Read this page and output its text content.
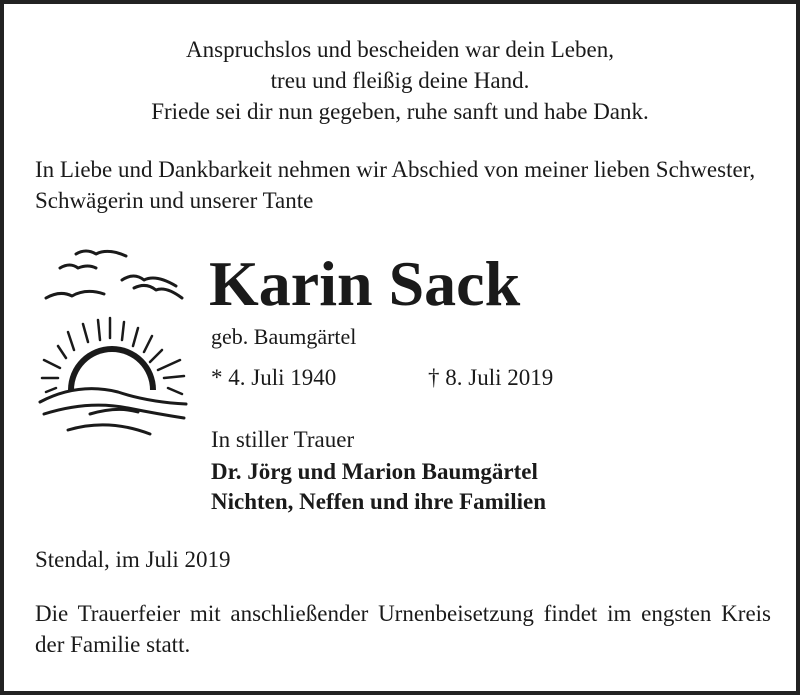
Anspruchslos und bescheiden war dein Leben,
treu und fleißig deine Hand.
Friede sei dir nun gegeben, ruhe sanft und habe Dank.
In Liebe und Dankbarkeit nehmen wir Abschied von meiner lieben Schwester, Schwägerin und unserer Tante
Karin Sack
geb. Baumgärtel
* 4. Juli 1940	† 8. Juli 2019
In stiller Trauer
Dr. Jörg und Marion Baumgärtel
Nichten, Neffen und ihre Familien
Stendal, im Juli 2019
Die Trauerfeier mit anschließender Urnenbeisetzung findet im engsten Kreis der Familie statt.
